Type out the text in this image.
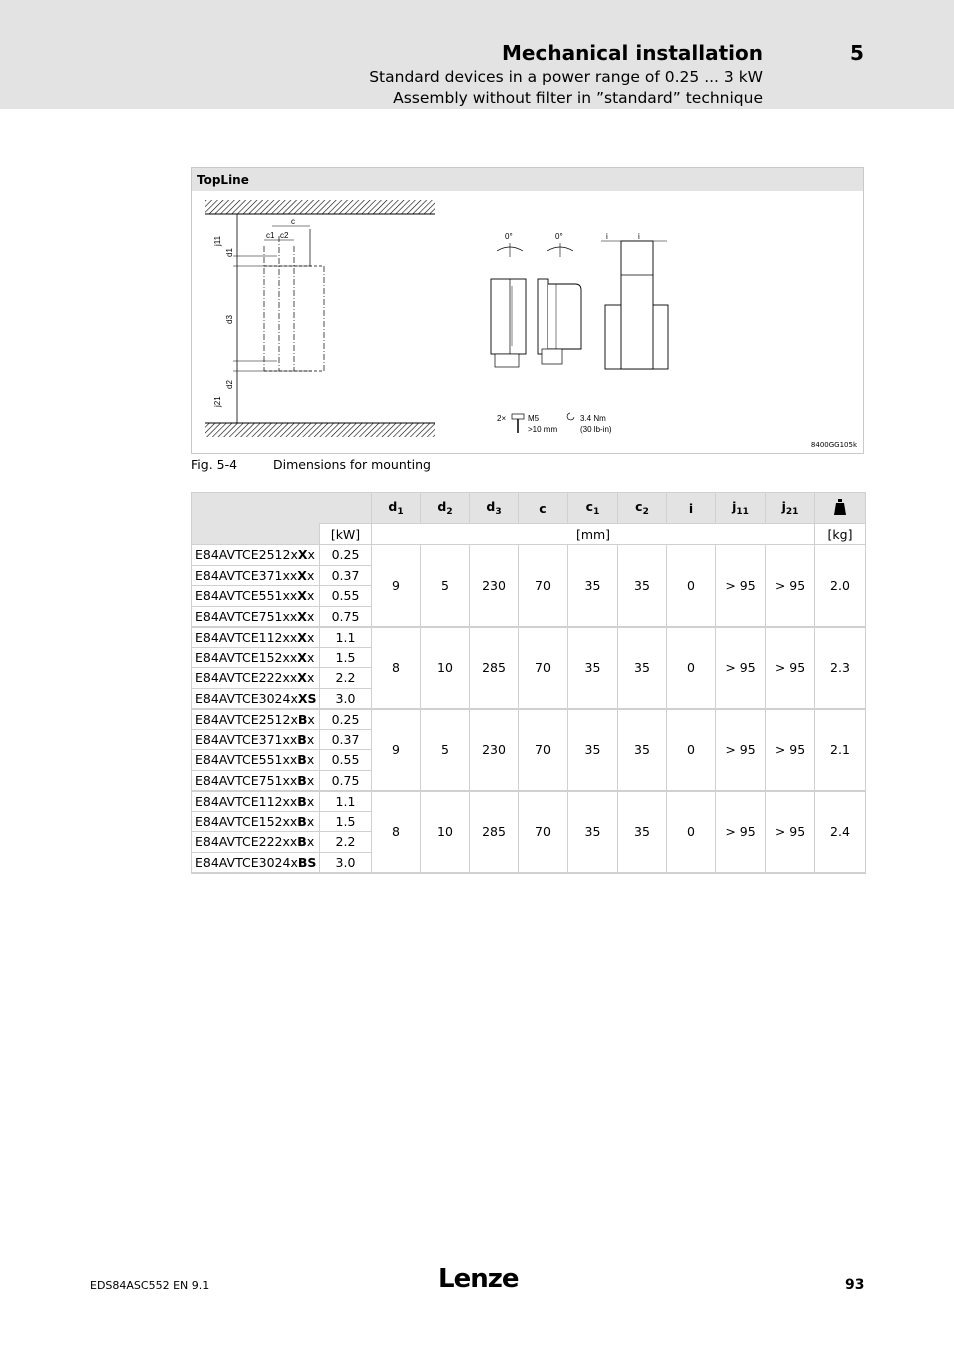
Mechanical installation	5
Standard devices in a power range of 0.25 ... 3 kW
Assembly without filter in ”standard” technique
TopLine
j11
d1
d3
d2
j21
c
c1 c2	0°	0°	i	i
2×	M5
>10 mm
3.4 Nm
(30 lb-in)
8400GG105k
Fig. 5-4	Dimensions for mounting
		$d_1$	$d_2$	$d_3$	c	$c_1$	$c_2$	i	$j_{11}$	$j_{21}$	
	[kW]	[mm]									[kg]
E84AVTCE2512xXx	0.25	9	5	230	70	35	35	0	> 95	> 95	2.0
E84AVTCE371xxXx	0.37										
E84AVTCE551xxXx	0.55										
E84AVTCE751xxXx	0.75										
E84AVTCE112xxXx	1.1	8	10	285	70	35	35	0	> 95	> 95	2.3
E84AVTCE152xxXx	1.5										
E84AVTCE222xxXx	2.2										
E84AVTCE3024xXS	3.0										
E84AVTCE2512xBx	0.25	9	5	230	70	35	35	0	> 95	> 95	2.1
E84AVTCE371xxBx	0.37										
E84AVTCE551xxBx	0.55										
E84AVTCE751xxBx	0.75										
E84AVTCE112xxBx	1.1	8	10	285	70	35	35	0	> 95	> 95	2.4
E84AVTCE152xxBx	1.5										
E84AVTCE222xxBx	2.2										
E84AVTCE3024xBS	3.0										
EDS84ASC552 EN 9.1	Lenze	93
